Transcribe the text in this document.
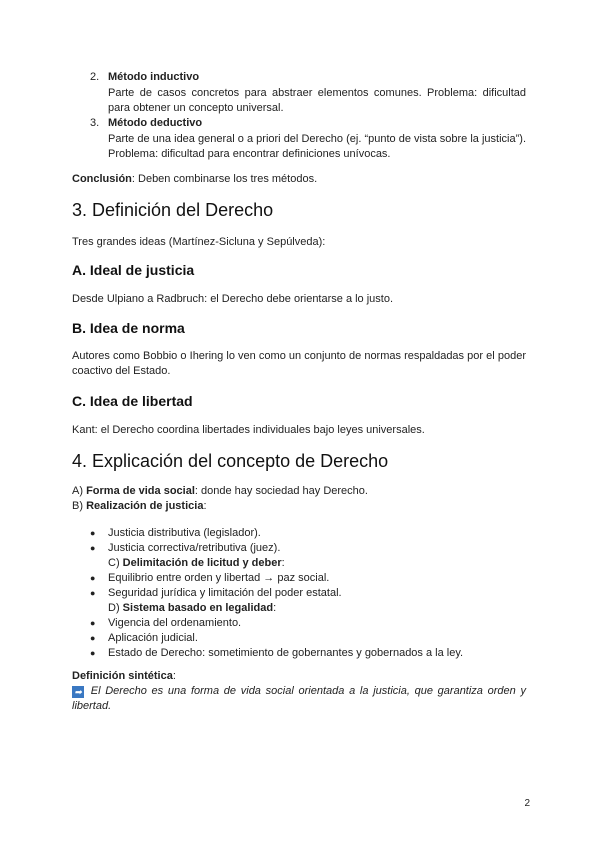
2. Método inductivo

Parte de casos concretos para abstraer elementos comunes. Problema: dificultad para obtener un concepto universal.

3. Método deductivo

Parte de una idea general o a priori del Derecho (ej. “punto de vista sobre la justicia”). Problema: dificultad para encontrar definiciones unívocas.

Conclusión: Deben combinarse los tres métodos.

3. Definición del Derecho

Tres grandes ideas (Martínez-Sicluna y Sepúlveda):

A. Ideal de justicia

Desde Ulpiano a Radbruch: el Derecho debe orientarse a lo justo.

B. Idea de norma

Autores como Bobbio o Ihering lo ven como un conjunto de normas respaldadas por el poder coactivo del Estado.

C. Idea de libertad

Kant: el Derecho coordina libertades individuales bajo leyes universales.

4. Explicación del concepto de Derecho

A) Forma de vida social: donde hay sociedad hay Derecho.

B) Realización de justicia:

● Justicia distributiva (legislador).
● Justicia correctiva/retributiva (juez).
C) Delimitación de licitud y deber:
● Equilibrio entre orden y libertad → paz social.
● Seguridad jurídica y limitación del poder estatal.
D) Sistema basado en legalidad:
● Vigencia del ordenamiento.
● Aplicación judicial.
● Estado de Derecho: sometimiento de gobernantes y gobernados a la ley.

Definición sintética:

➡ El Derecho es una forma de vida social orientada a la justicia, que garantiza orden y libertad.

2
